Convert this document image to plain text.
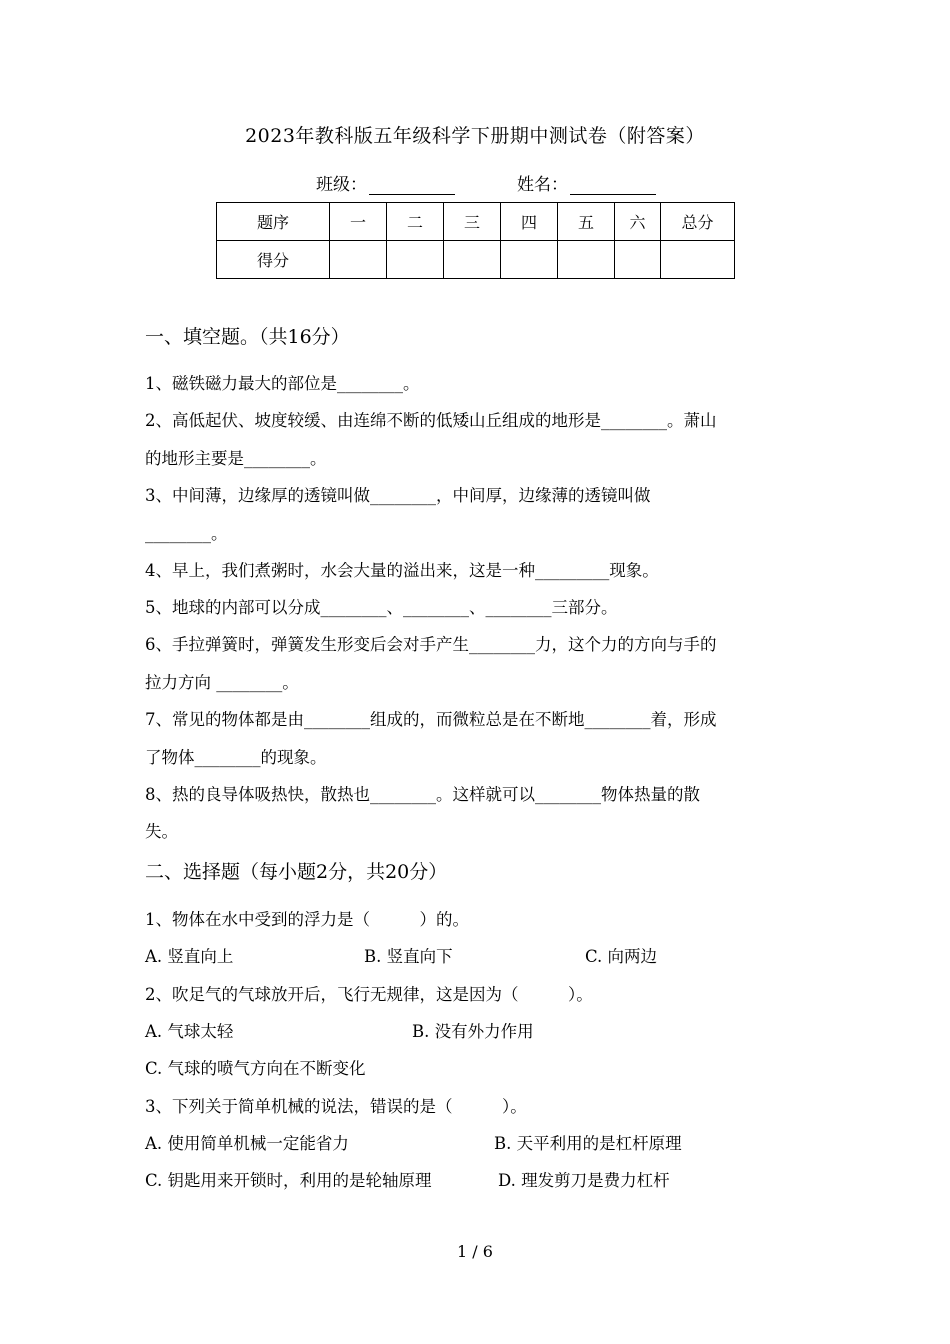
2023年教科版五年级科学下册期中测试卷（附答案）
班级：	姓名：
题序	一	二	三	四	五	六	总分
得分							
一、填空题。（共16分）
1、磁铁磁力最大的部位是________。
2、高低起伏、坡度较缓、由连绵不断的低矮山丘组成的地形是________。萧山
的地形主要是________。
3、中间薄，边缘厚的透镜叫做________，中间厚，边缘薄的透镜叫做
________。
4、早上，我们煮粥时，水会大量的溢出来，这是一种_________现象。
5、地球的内部可以分成________、________、________三部分。
6、手拉弹簧时，弹簧发生形变后会对手产生________力，这个力的方向与手的
拉力方向 ________。
7、常见的物体都是由________组成的，而微粒总是在不断地________着，形成
了物体________的现象。
8、热的良导体吸热快，散热也________。这样就可以________物体热量的散
失。
二、选择题（每小题2分，共20分）
1、物体在水中受到的浮力是（　　　）的。
A. 竖直向上	B. 竖直向下	C. 向两边
2、吹足气的气球放开后，飞行无规律，这是因为（　　　）。
A. 气球太轻	B. 没有外力作用
C. 气球的喷气方向在不断变化
3、下列关于简单机械的说法，错误的是（　　　）。
A. 使用简单机械一定能省力	B. 天平利用的是杠杆原理
C. 钥匙用来开锁时，利用的是轮轴原理	D. 理发剪刀是费力杠杆
1 / 6
